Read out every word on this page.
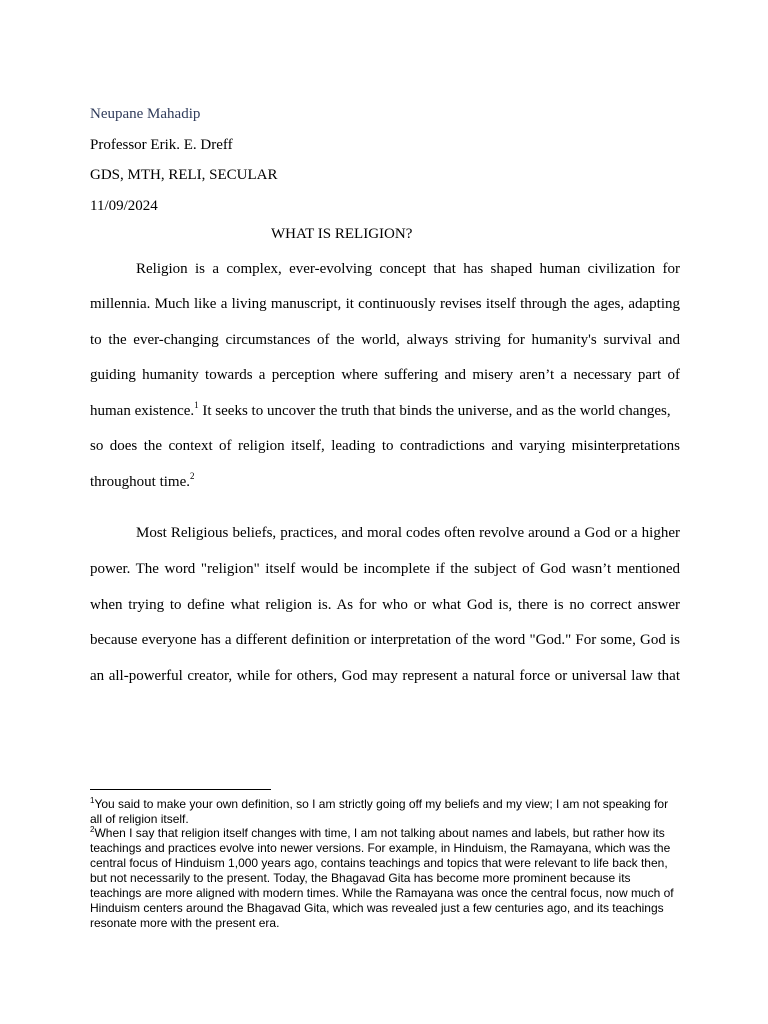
Neupane Mahadip
Professor Erik. E. Dreff
GDS, MTH, RELI, SECULAR
11/09/2024
WHAT IS RELIGION?
Religion is a complex, ever-evolving concept that has shaped human civilization for
millennia. Much like a living manuscript, it continuously revises itself through the ages, adapting
to the ever-changing circumstances of the world, always striving for humanity's survival and
guiding humanity towards a perception where suffering and misery aren’t a necessary part of
human existence.$^1$ It seeks to uncover the truth that binds the universe, and as the world changes,
so does the context of religion itself, leading to contradictions and varying misinterpretations
throughout time.$^2$
Most Religious beliefs, practices, and moral codes often revolve around a God or a higher
power. The word "religion" itself would be incomplete if the subject of God wasn’t mentioned
when trying to define what religion is. As for who or what God is, there is no correct answer
because everyone has a different definition or interpretation of the word "God." For some, God is
an all-powerful creator, while for others, God may represent a natural force or universal law that
$^1$You said to make your own definition, so I am strictly going off my beliefs and my view; I am not speaking for all of religion itself.
$^2$When I say that religion itself changes with time, I am not talking about names and labels, but rather how its teachings and practices evolve into newer versions. For example, in Hinduism, the Ramayana, which was the central focus of Hinduism 1,000 years ago, contains teachings and topics that were relevant to life back then, but not necessarily to the present. Today, the Bhagavad Gita has become more prominent because its teachings are more aligned with modern times. While the Ramayana was once the central focus, now much of Hinduism centers around the Bhagavad Gita, which was revealed just a few centuries ago, and its teachings resonate more with the present era.
